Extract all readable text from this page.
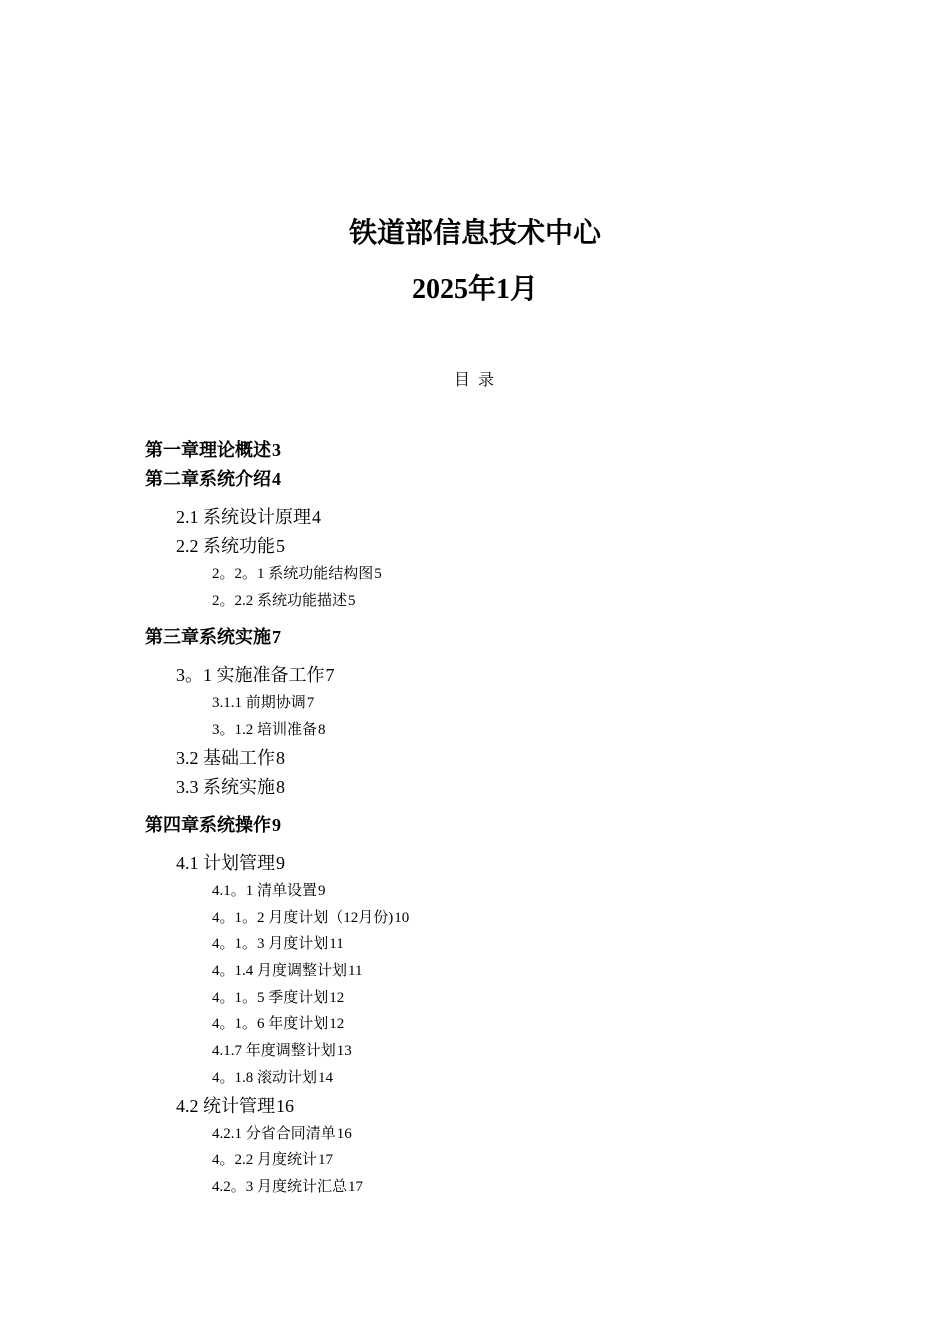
铁道部信息技术中心
2025年1月
目 录
第一章理论概述3
第二章系统介绍4
2.1 系统设计原理4
2.2 系统功能5
2。2。1 系统功能结构图5
2。2.2 系统功能描述5
第三章系统实施7
3。1 实施准备工作7
3.1.1 前期协调7
3。1.2 培训准备8
3.2 基础工作8
3.3 系统实施8
第四章系统操作9
4.1 计划管理9
4.1。1 清单设置9
4。1。2 月度计划（12月份)10
4。1。3 月度计划11
4。1.4 月度调整计划11
4。1。5 季度计划12
4。1。6 年度计划12
4.1.7 年度调整计划13
4。1.8 滚动计划14
4.2 统计管理16
4.2.1 分省合同清单16
4。2.2 月度统计17
4.2。3 月度统计汇总17
